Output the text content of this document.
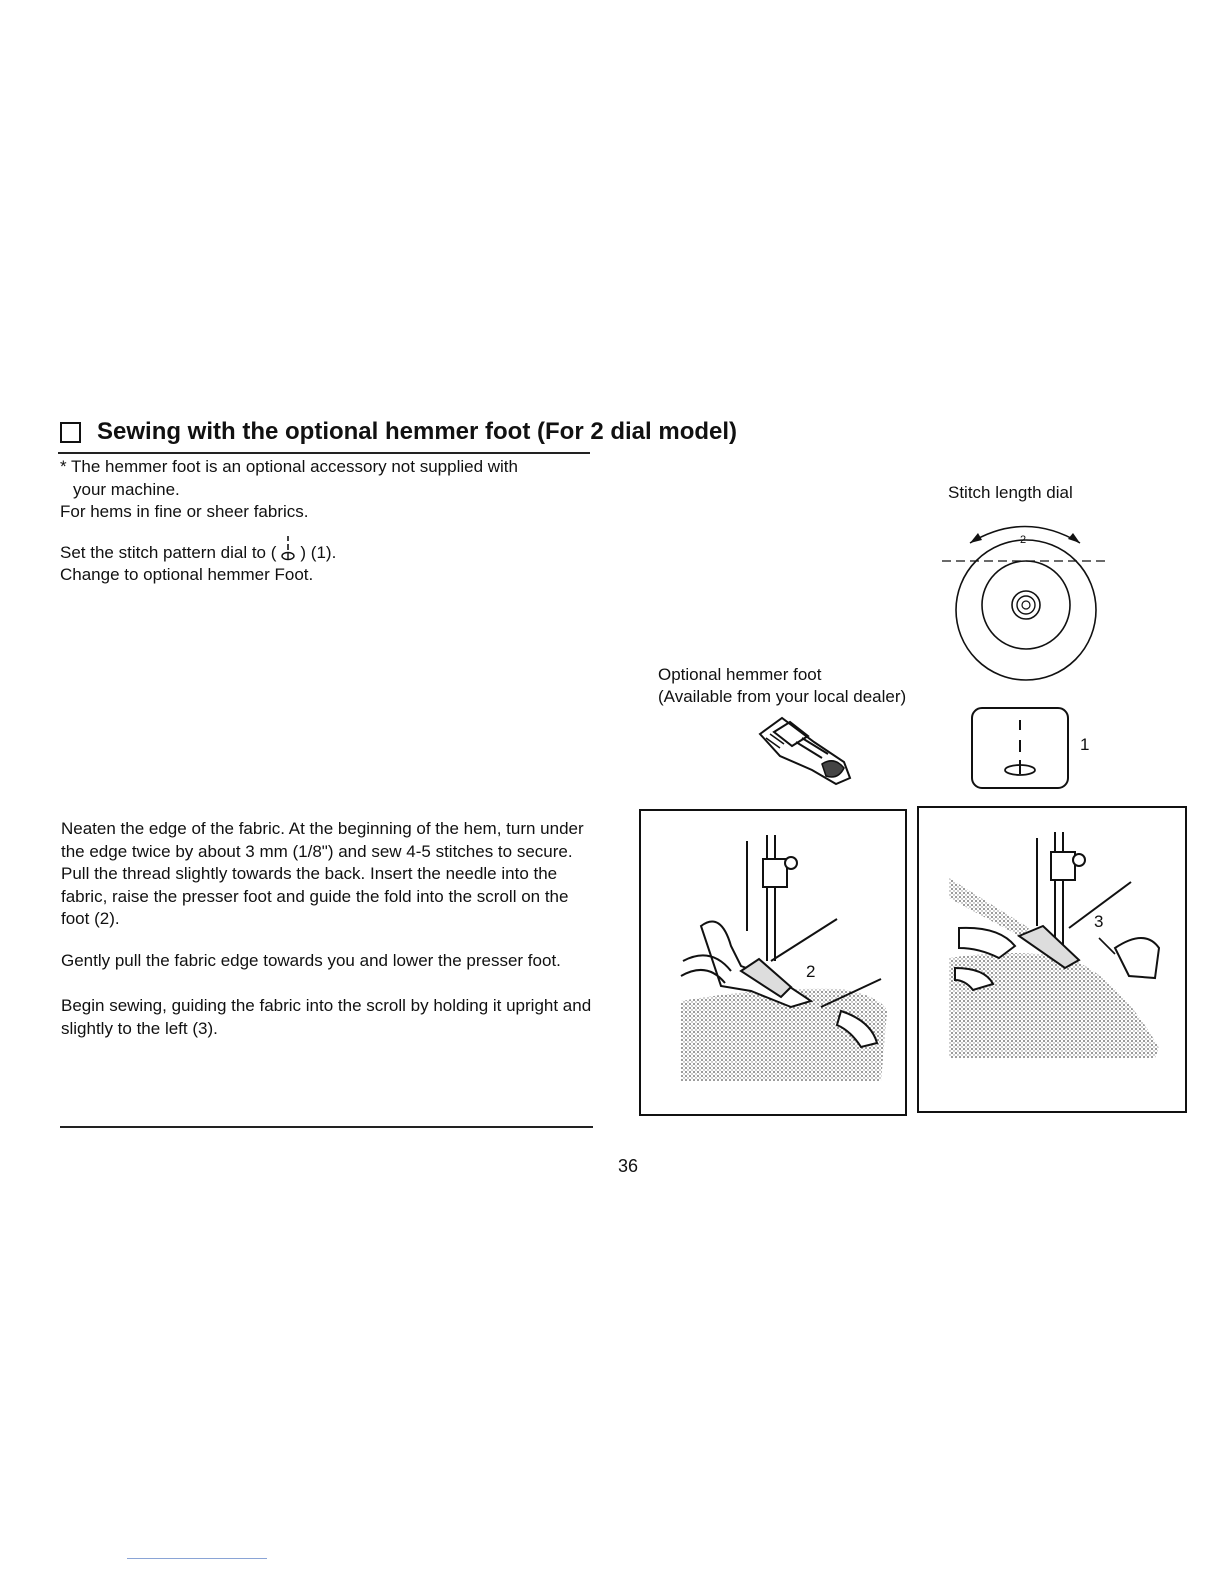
Sewing with the optional hemmer foot (For 2 dial model)
* The hemmer foot is an optional accessory not supplied with
your machine.
For hems in fine or sheer fabrics.
Set the stitch pattern dial to ( ) (1).
Change to optional hemmer Foot.
Neaten the edge of the fabric. At the beginning of the hem, turn under the edge twice by about 3 mm (1/8") and sew 4-5 stitches to secure. Pull the thread slightly towards the back. Insert the needle into the fabric, raise the presser foot and guide the fold into the scroll on the foot (2).
Gently pull the fabric edge towards you and lower the presser foot.
Begin sewing, guiding the fabric into the scroll by holding it upright and slightly to the left (3).
Stitch length dial
2
Optional hemmer foot
(Available from your local dealer)
1
2
3
36
